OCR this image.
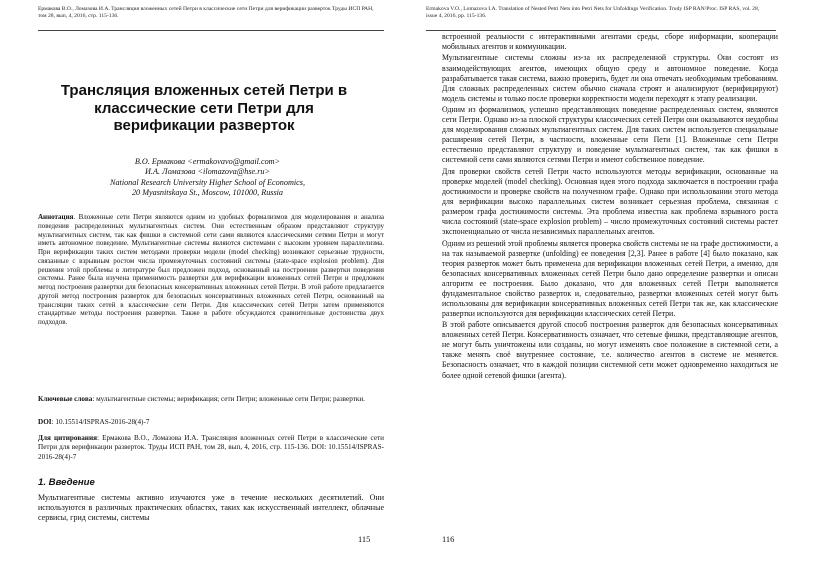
Ермакова В.О., Ломазова И.А. Трансляция вложенных сетей Петри в классические сети Петри для верификации разверток Труды ИСП РАН, том 28, вып, 4, 2016, стр. 115-136.
Трансляция вложенных сетей Петри в классические сети Петри для верификации разверток
В.О. Ермакова <ermakovavo@gmail.com>
И.А. Ломазова <ilomazova@hse.ru>
National Research University Higher School of Economics,
20 Myasnitskaya St., Moscow, 101000, Russia
Аннотация. Вложенные сети Петри являются одним из удобных формализмов для моделирования и анализа поведения распределенных мультиагентных систем. Они естественным образом представляют структуру мультиагентных систем, так как фишки в системной сети сами являются классическими сетями Петри и могут иметь автономное поведение. Мультиагентные системы являются системами с высоким уровнем параллелизма. При верификации таких систем методами проверки модели (model checking) возникают серьезные трудности, связанные с взрывным ростом числа промежуточных состояний системы (state-space explosion problem). Для решения этой проблемы в литературе был предложен подход, основанный на построении развертки поведения системы. Ранее была изучена применимость развертки для верификации вложенных сетей Петри и предложен метод построения развертки для безопасных консервативных вложенных сетей Петри. В этой работе предлагается другой метод построения разверток для безопасных консервативных вложенных сетей Петри, основанный на трансляции таких сетей в классические сети Петри. Для классических сетей Петри затем применяются стандартные методы построения развертки. Также в работе обсуждаются сравнительные достоинства двух подходов.
Ключевые слова: мультиагентные системы; верификация; сети Петри; вложенные сети Петри; развертки.
DOI: 10.15514/ISPRAS-2016-28(4)-7
Для цитирования: Ермакова В.О., Ломазова И.А. Трансляция вложенных сетей Петри в классические сети Петри для верификации разверток. Труды ИСП РАН, том 28, вып, 4, 2016, стр. 115-136. DOI: 10.15514/ISPRAS-2016-28(4)-7
1. Введение
Мультиагентные системы активно изучаются уже в течение нескольких десятилетий. Они используются в различных практических областях, таких как искусственный интеллект, облачные сервисы, грид системы, системы
115
Ermakova V.O., Lomazova I.A. Translation of Nested Petri Nets into Petri Nets for Unfoldings Verification. Trudy ISP RAN/Proc. ISP RAS, vol. 28, issue 4, 2016, pp. 115-136.

встроенной реальности с интерактивными агентами среды, сборе информации, кооперации мобильных агентов и коммуникации.

Мультиагентные системы сложны из-за их распределенной структуры. Они состоят из взаимодействующих агентов, имеющих общую среду и автономное поведение. Когда разрабатывается такая система, важно проверить, будет ли она отвечать необходимым требованиям. Для сложных распределенных систем обычно сначала строят и анализируют (верифицируют) модель системы и только после проверки корректности модели переходят к этапу реализации.

Одним из формализмов, успешно представляющих поведение распределенных систем, являются сети Петри. Однако из-за плоской структуры классических сетей Петри они оказываются неудобны для моделирования сложных мультиагентных систем. Для таких систем используется специальные расширения сетей Петри, в частности, вложенные сети Пети [1]. Вложенные сети Петри естественно представляют структуру и поведение мультиагентных систем, так как фишки в системной сети сами являются сетями Петри и имеют собственное поведение.

Для проверки свойств сетей Петри часто используются методы верификации, основанные на проверке моделей (model checking). Основная идея этого подхода заключается в построении графа достижимости и проверке свойств на полученном графе. Однако при использовании этого метода для верификации высоко параллельных систем возникает серьезная проблема, связанная с размером графа достижимости системы. Эта проблема известна как проблема взрывного роста числа состояний (state-space explosion problem) – число промежуточных состояний системы растет экспоненциально от числа независимых параллельных агентов.

Одним из решений этой проблемы является проверка свойств системы не на графе достижимости, а на так называемой развертке (unfolding) ее поведения [2,3]. Ранее в работе [4] было показано, как теория разверток может быть применена для верификации вложенных сетей Петри, а именно, для безопасных консервативных вложенных сетей Петри было дано определение развертки и описан алгоритм ее построения. Было доказано, что для вложенных сетей Петри выполняется фундаментальное свойство разверток и, следовательно, развертки вложенных сетей могут быть использованы для верификации консервативных вложенных сетей Петри так же, как классические развертки используются для верификации классических сетей Петри.

В этой работе описывается другой способ построения разверток для безопасных консервативных вложенных сетей Петри. Консервативность означает, что сетевые фишки, представляющие агентов, не могут быть уничтожены или созданы, но могут изменять свое положение в системной сети, а также менять своё внутреннее состояние, т.е. количество агентов в системе не меняется. Безопасность означает, что в каждой позиции системной сети может одновременно находиться не более одной сетевой фишки (агента).

116
